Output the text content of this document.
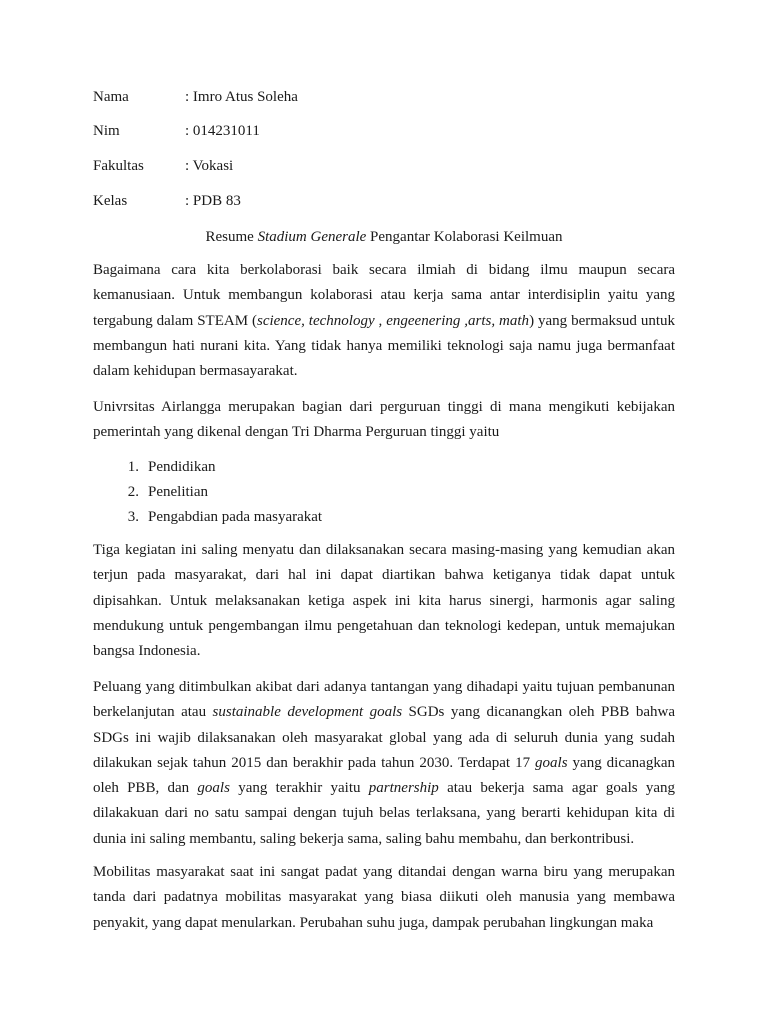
Nama	: Imro Atus Soleha
Nim	: 014231011
Fakultas	: Vokasi
Kelas	: PDB 83
Resume Stadium Generale Pengantar Kolaborasi Keilmuan

Bagaimana cara kita berkolaborasi baik secara ilmiah di bidang ilmu maupun secara kemanusiaan. Untuk membangun kolaborasi atau kerja sama antar interdisiplin yaitu yang tergabung dalam STEAM (science, technology , engeenering ,arts, math) yang bermaksud untuk membangun hati nurani kita. Yang tidak hanya memiliki teknologi saja namu juga bermanfaat dalam kehidupan bermasayarakat.

Univrsitas Airlangga merupakan bagian dari perguruan tinggi di mana mengikuti kebijakan pemerintah yang dikenal dengan Tri Dharma Perguruan tinggi yaitu

1. Pendidikan
2. Penelitian
3. Pengabdian pada masyarakat

Tiga kegiatan ini saling menyatu dan dilaksanakan secara masing-masing yang kemudian akan terjun pada masyarakat, dari hal ini dapat diartikan bahwa ketiganya tidak dapat untuk dipisahkan. Untuk melaksanakan ketiga aspek ini kita harus sinergi, harmonis agar saling mendukung untuk pengembangan ilmu pengetahuan dan teknologi kedepan, untuk memajukan bangsa Indonesia.

Peluang yang ditimbulkan akibat dari adanya tantangan yang dihadapi yaitu tujuan pembanunan berkelanjutan atau sustainable development goals SGDs yang dicanangkan oleh PBB bahwa SDGs ini wajib dilaksanakan oleh masyarakat global yang ada di seluruh dunia yang sudah dilakukan sejak tahun 2015 dan berakhir pada tahun 2030. Terdapat 17 goals yang dicanagkan oleh PBB, dan goals yang terakhir yaitu partnership atau bekerja sama agar goals yang dilakakuan dari no satu sampai dengan tujuh belas terlaksana, yang berarti kehidupan kita di dunia ini saling membantu, saling bekerja sama, saling bahu membahu, dan berkontribusi.

Mobilitas masyarakat saat ini sangat padat yang ditandai dengan warna biru yang merupakan tanda dari padatnya mobilitas masyarakat yang biasa diikuti oleh manusia yang membawa penyakit, yang dapat menularkan. Perubahan suhu juga, dampak perubahan lingkungan maka
